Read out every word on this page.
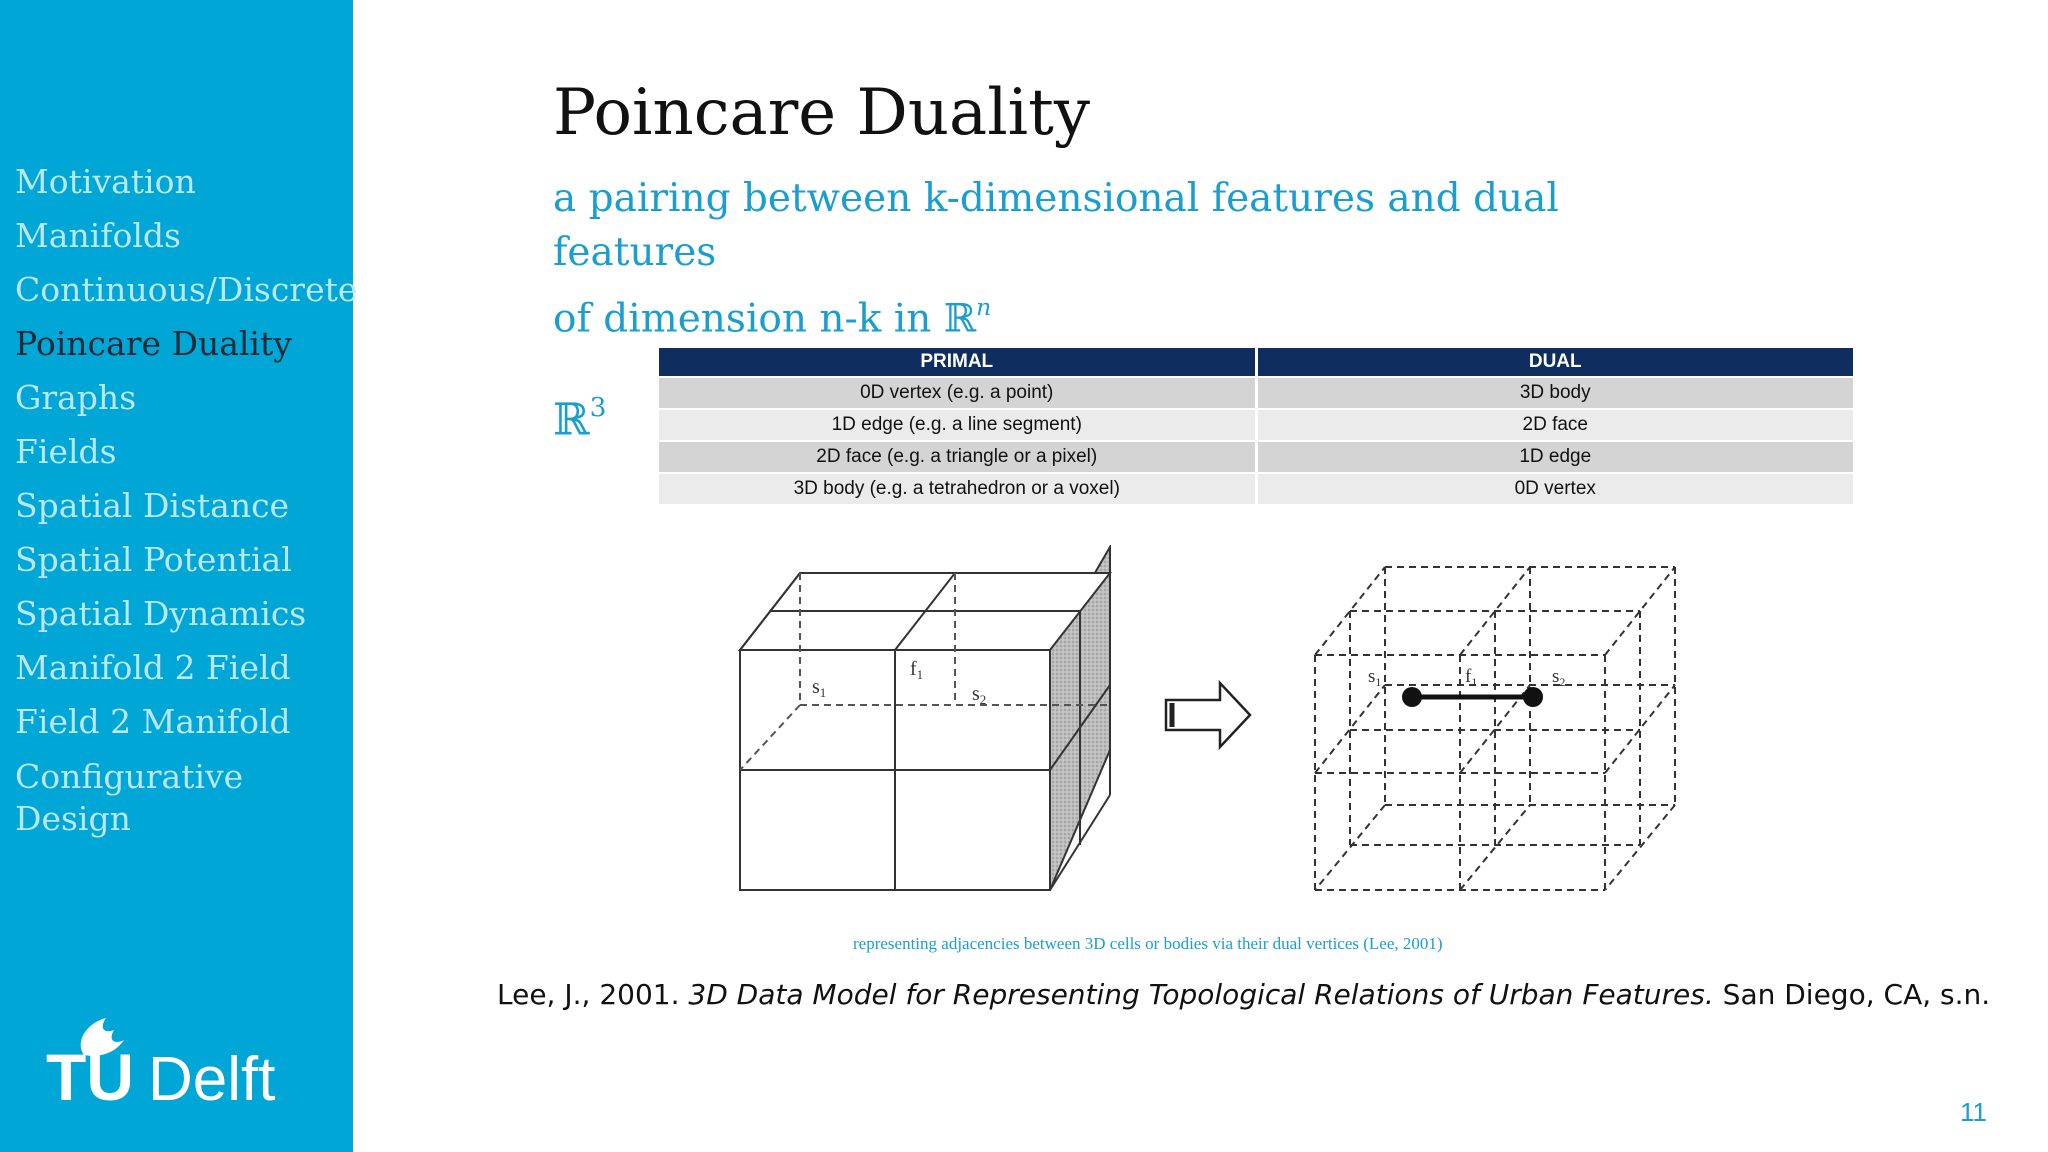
Motivation
Manifolds
Continuous/Discrete
Poincare Duality
Graphs
Fields
Spatial Distance
Spatial Potential
Spatial Dynamics
Manifold 2 Field
Field 2 Manifold
Configurative Design
TU Delft
Poincare Duality
a pairing between k-dimensional features and dual features
of dimension n-k in ℝ$^n$
ℝ$^3$
PRIMAL	DUAL
0D vertex (e.g. a point)	3D body
1D edge (e.g. a line segment)	2D face
2D face (e.g. a triangle or a pixel)	1D edge
3D body (e.g. a tetrahedron or a voxel)	0D vertex
$s_1$
$f_1$
$s_2$
$s_1$	$f_1$	$s_2$
representing adjacencies between 3D cells or bodies via their dual vertices (Lee, 2001)
Lee, J., 2001. 3D Data Model for Representing Topological Relations of Urban Features. San Diego, CA, s.n.
11
